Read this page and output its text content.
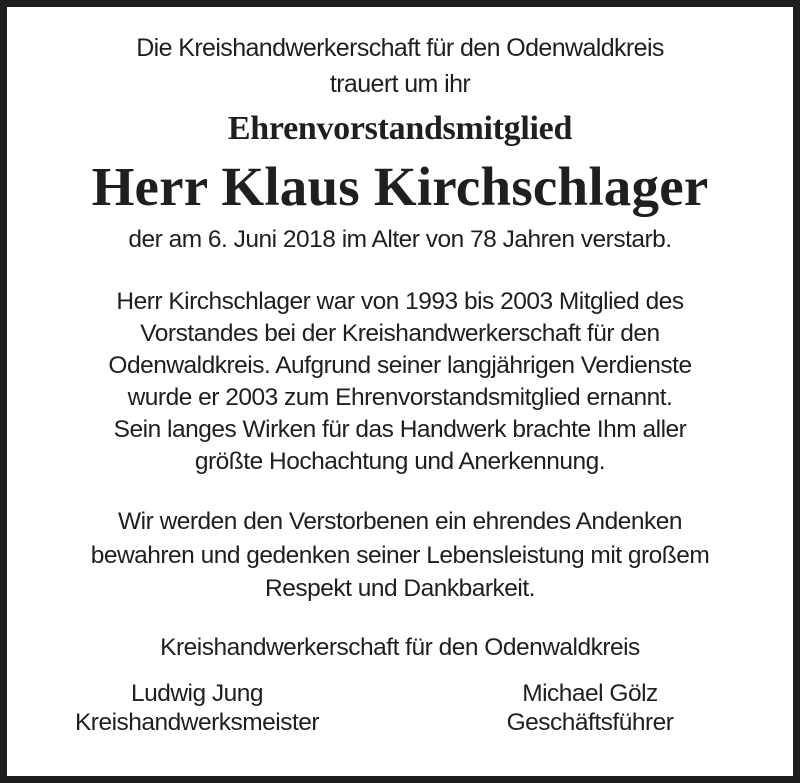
Die Kreishandwerkerschaft für den Odenwaldkreis
trauert um ihr
Ehrenvorstandsmitglied
Herr Klaus Kirchschlager
der am 6. Juni 2018 im Alter von 78 Jahren verstarb.
Herr Kirchschlager war von 1993 bis 2003 Mitglied des
Vorstandes bei der Kreishandwerkerschaft für den
Odenwaldkreis. Aufgrund seiner langjährigen Verdienste
wurde er 2003 zum Ehrenvorstandsmitglied ernannt.
Sein langes Wirken für das Handwerk brachte Ihm aller
größte Hochachtung und Anerkennung.
Wir werden den Verstorbenen ein ehrendes Andenken
bewahren und gedenken seiner Lebensleistung mit großem
Respekt und Dankbarkeit.
Kreishandwerkerschaft für den Odenwaldkreis
Ludwig Jung
Kreishandwerksmeister
Michael Gölz
Geschäftsführer
